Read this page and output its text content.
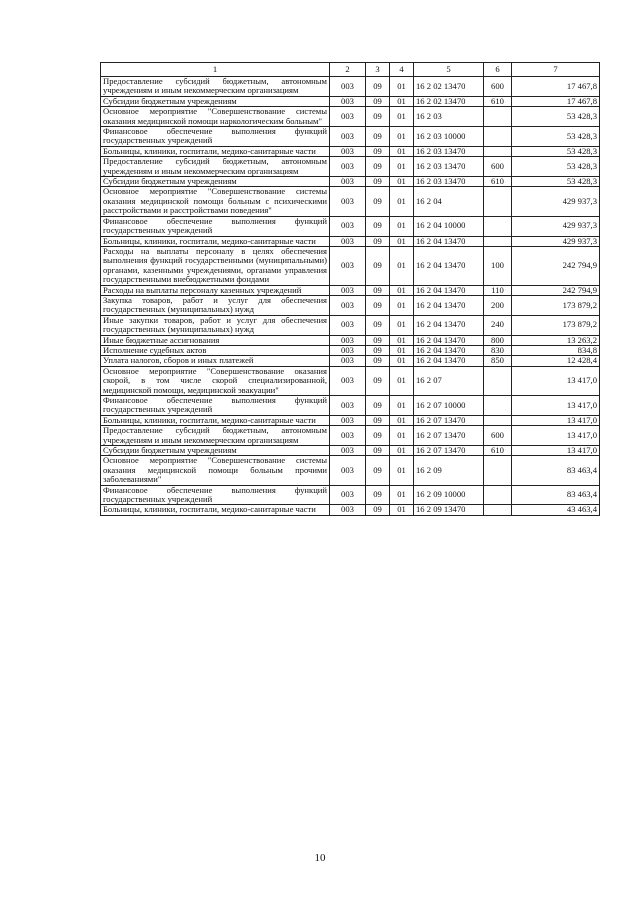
1	2	3	4	5	6	7
Предоставление субсидий бюджетным, автономным учреждениям и иным некоммерческим организациям	003	09	01	16 2 02 13470	600	17 467,8
Субсидии бюджетным учреждениям	003	09	01	16 2 02 13470	610	17 467,8
Основное мероприятие "Совершенствование системы оказания медицинской помощи наркологическим больным"	003	09	01	16 2 03		53 428,3
Финансовое обеспечение выполнения функций государственных учреждений	003	09	01	16 2 03 10000		53 428,3
Больницы, клиники, госпитали, медико-санитарные части	003	09	01	16 2 03 13470		53 428,3
Предоставление субсидий бюджетным, автономным учреждениям и иным некоммерческим организациям	003	09	01	16 2 03 13470	600	53 428,3
Субсидии бюджетным учреждениям	003	09	01	16 2 03 13470	610	53 428,3
Основное мероприятие "Совершенствование системы оказания медицинской помощи больным с психическими расстройствами и расстройствами поведения"	003	09	01	16 2 04		429 937,3
Финансовое обеспечение выполнения функций государственных учреждений	003	09	01	16 2 04 10000		429 937,3
Больницы, клиники, госпитали, медико-санитарные части	003	09	01	16 2 04 13470		429 937,3
Расходы на выплаты персоналу в целях обеспечения выполнения функций государственными (муниципальными) органами, казенными учреждениями, органами управления государственными внебюджетными фондами	003	09	01	16 2 04 13470	100	242 794,9
Расходы на выплаты персоналу казенных учреждений	003	09	01	16 2 04 13470	110	242 794,9
Закупка товаров, работ и услуг для обеспечения государственных (муниципальных) нужд	003	09	01	16 2 04 13470	200	173 879,2
Иные закупки товаров, работ и услуг для обеспечения государственных (муниципальных) нужд	003	09	01	16 2 04 13470	240	173 879,2
Иные бюджетные ассигнования	003	09	01	16 2 04 13470	800	13 263,2
Исполнение судебных актов	003	09	01	16 2 04 13470	830	834,8
Уплата налогов, сборов и иных платежей	003	09	01	16 2 04 13470	850	12 428,4
Основное мероприятие "Совершенствование оказания скорой, в том числе скорой специализированной, медицинской помощи, медицинской эвакуации"	003	09	01	16 2 07		13 417,0
Финансовое обеспечение выполнения функций государственных учреждений	003	09	01	16 2 07 10000		13 417,0
Больницы, клиники, госпитали, медико-санитарные части	003	09	01	16 2 07 13470		13 417,0
Предоставление субсидий бюджетным, автономным учреждениям и иным некоммерческим организациям	003	09	01	16 2 07 13470	600	13 417,0
Субсидии бюджетным учреждениям	003	09	01	16 2 07 13470	610	13 417,0
Основное мероприятие "Совершенствование системы оказания медицинской помощи больным прочими заболеваниями"	003	09	01	16 2 09		83 463,4
Финансовое обеспечение выполнения функций государственных учреждений	003	09	01	16 2 09 10000		83 463,4
Больницы, клиники, госпитали, медико-санитарные части	003	09	01	16 2 09 13470		43 463,4
10
